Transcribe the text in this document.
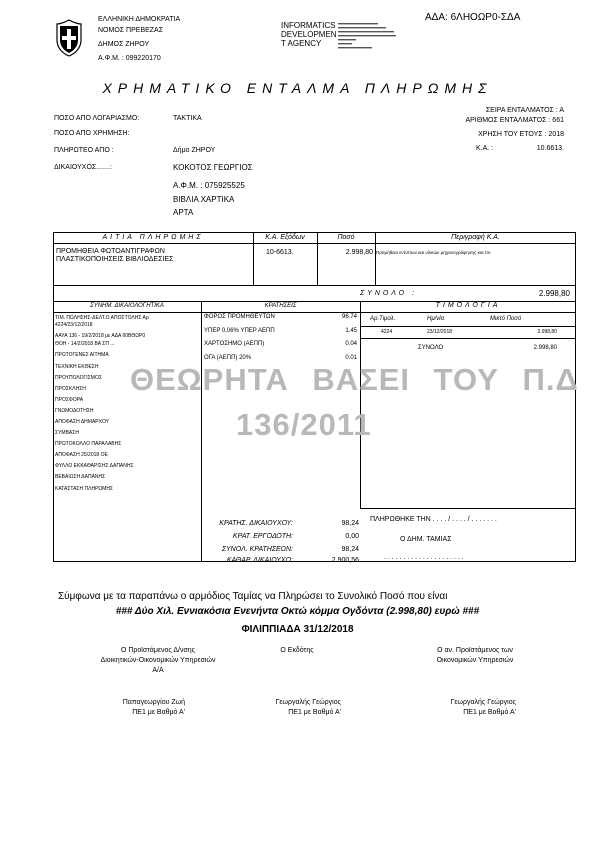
ΕΛΛΗΝΙΚΗ ΔΗΜΟΚΡΑΤΙΑ
ΝΟΜΟΣ ΠΡΕΒΕΖΑΣ
ΔΗΜΟΣ ΖΗΡΟΥ
Α.Φ.Μ. : 099220170
INFORMATICS
DEVELOPMEN
T AGENCY
ΑΔΑ: 6ΛΗΟΩΡ0-ΣΔΑ
ΧΡΗΜΑΤΙΚΟ ΕΝΤΑΛΜΑ ΠΛΗΡΩΜΗΣ
ΠΟΣΟ ΑΠΟ ΛΟΓΑΡΙΑΣΜΟ:	ΤΑΚΤΙΚΑ
ΠΟΣΟ ΑΠΟ ΧΡΗΜΗΣΗ:
ΠΛΗΡΩΤΕΟ ΑΠΟ :	Δήμο ΖΗΡΟΥ
ΔΙΚΑΙΟΥΧΟΣ.......:	ΚΟΚΟΤΟΣ ΓΕΩΡΓΙΟΣ
Α.Φ.Μ. : 075925525
ΒΙΒΛΙΑ ΧΑΡΤΙΚΑ
ΑΡΤΑ
ΣΕΙΡΑ ΕΝΤΑΛΜΑΤΟΣ : Α
ΑΡΙΘΜΟΣ ΕΝΤΑΛΜΑΤΟΣ : 661
ΧΡΗΣΗ ΤΟΥ ΕΤΟΥΣ : 2018
Κ.Α. :	10.6613.
ΑΙΤΙΑ ΠΛΗΡΩΜΗΣ	Κ.Α. Εξόδων	Ποσό	Περιγραφή Κ.Α.
ΠΡΟΜΗΘΕΙΑ ΦΩΤΟΑΝΤΙΓΡΑΦΩΝ
ΠΛΑΣΤΙΚΟΠΟΙΗΣΕΙΣ ΒΙΒΛΙΟΔΕΣΙΕΣ
10-6613.	2.998,80 Προμήθεια εντύπων και υλικών μηχανογράφησης και πο
ΣΥΝΟΛΟ :	2.998,80
ΣΥΝΗΜ. ΔΙΚΑΙΟΛΟΓΗΤΙΚΑ	ΚΡΑΤΗΣΕΙΣ	ΤΙΜΟΛΟΓΙΑ
ΤΙΜ. ΠΩΛΗΣΗΣ-ΔΕΛΤ.Ο ΑΠΟΣΤΟΛΗΣ Αρ
4224/23/12/2018
ΑΑΥΑ 136 - 19/2/2018 με ΑΔΑ 60ΒΘΩΡ0
ΘΟΗ - 14/2/2018 ΒΑ ΣΠ ...
ΠΡΩΤΟΓΕΝΕΣ ΑΙΤΗΜΑ
ΤΕΧΝΙΚΗ ΕΚΘΕΣΗ
ΠΡΟΥΠΟΛΟΓΙΣΜΟΣ
ΠΡΟΣΚΛΗΣΗ
ΠΡΟΣΦΟΡΑ
ΓΝΩΜΟΔΟΤΗΣΗ
ΑΠΟΦΑΣΗ ΔΗΜΑΡΧΟΥ
ΣΥΜΒΑΣΗ
ΠΡΩΤΟΚΟΛΛΟ ΠΑΡΑΛΑΒΗΣ
ΑΠΟΦΑΣΗ 25/2018 ΟΕ
ΦΥΛΛΟ ΕΚΚΑΘΑΡΙΣΗΣ ΔΑΠΑΝΗΣ
ΒΕΒΑΙΩΣΗ ΔΑΠΑΝΗΣ
ΚΑΤΑΣΤΑΣΗ ΠΛΗΡΩΜΗΣ
ΦΟΡΟΣ ΠΡΟΜΗΘΕΥΤΩΝ	96.74
ΥΠΕΡ 0,06% ΥΠΕΡ ΑΕΠΠ	1.45
ΧΑΡΤΟΣΗΜΟ (ΑΕΠΠ)	0.04
ΟΓΑ (ΑΕΠΠ) 20%	0.01
Αρ.Τιμολ.	Ημ/νία	Μικτό Ποσό
4224	23/12/2018	2.998,80
ΣΥΝΟΛΟ	2.998,80
ΘΕΩΡΗΤΑ ΒΑΣΕΙ ΤΟΥ Π.Δ
136/2011
ΚΡΑΤΗΣ. ΔΙΚΑΙΟΥΧΟΥ:	98,24
ΚΡΑΤ. ΕΡΓΟΔΟΤΗ:	0,00
ΣΥΝΟΛ. ΚΡΑΤΗΣΕΩΝ:	98,24
ΚΑΘΑΡ. ΔΙΚΑΙΟΥΧΟ:	2.900,56
ΠΛΗΡΩΘΗΚΕ ΤΗΝ . . . . / . . . . / . . . . . . .
Ο ΔΗΜ. ΤΑΜΙΑΣ
. . . . . . . . . . . . . . . . . . . . .
Σύμφωνα με τα παραπάνω ο αρμόδιος Ταμίας να Πληρώσει το Συνολικό Ποσό που είναι
### Δύο Χιλ. Εννιακόσια Ενενήντα Οκτώ κόμμα Ογδόντα (2.998,80) ευρώ ###
ΦΙΛΙΠΠΙΑΔΑ 31/12/2018
Ο Προϊστάμενος Δ/νσης
Διοικητικών-Οικονομικών Υπηρεσιών
Α/Α
Ο Εκδότης	Ο αν. Προϊστάμενος των
Οικονομικών Υπηρεσιών
Παπαγεωργίου Ζωή
ΠΕ1 με Βαθμό Α'
Γεωργαλής Γεώργιος
ΠΕ1 με Βαθμό Α'
Γεωργαλής Γεώργιος
ΠΕ1 με Βαθμό Α'
